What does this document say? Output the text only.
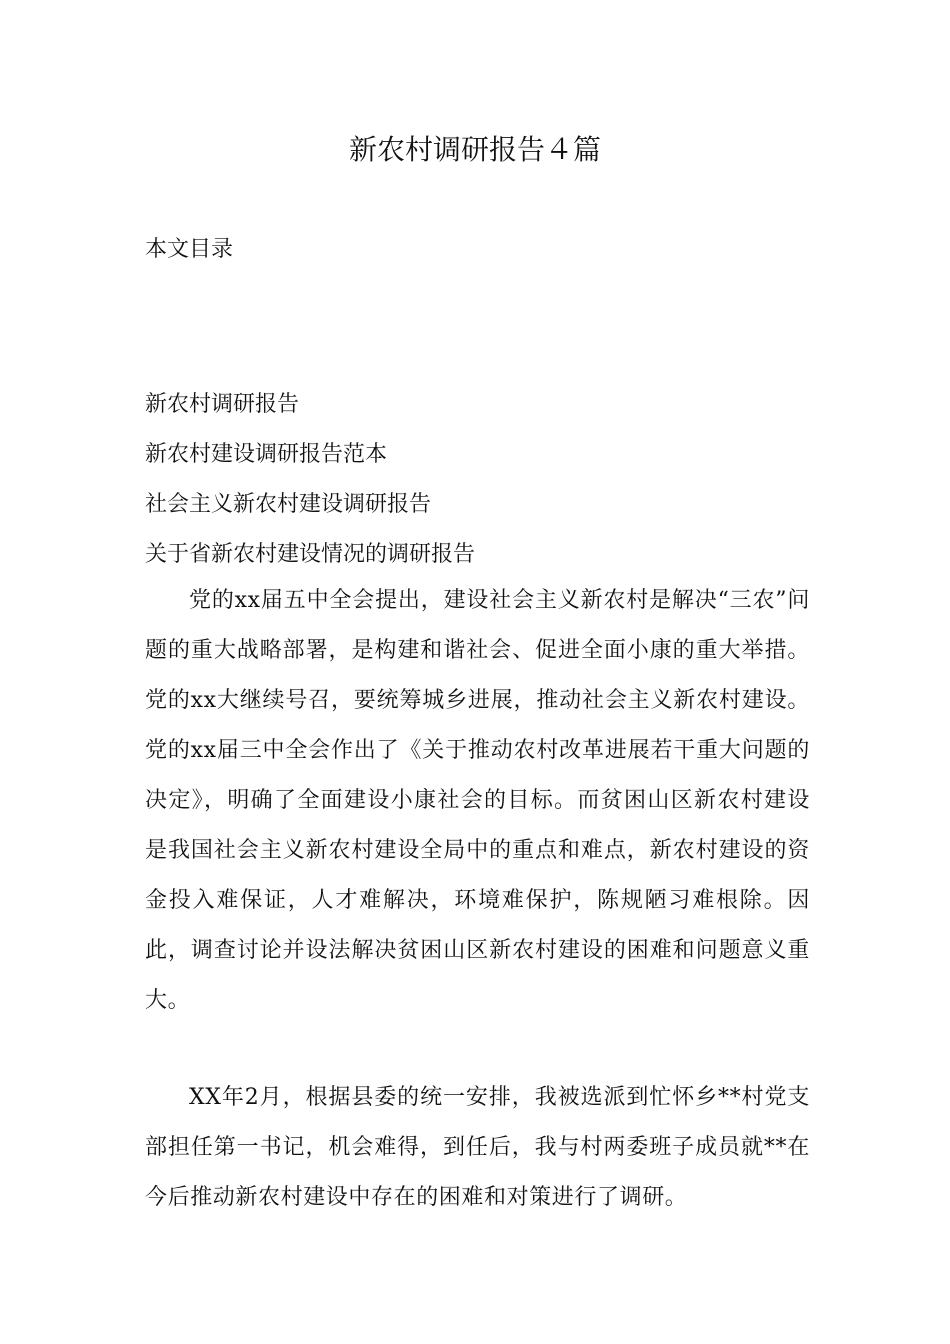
新农村调研报告４篇

本文目录

新农村调研报告
新农村建设调研报告范本
社会主义新农村建设调研报告
关于省新农村建设情况的调研报告

党的xx届五中全会提出，建设社会主义新农村是解决“三农”问题的重大战略部署，是构建和谐社会、促进全面小康的重大举措。党的xx大继续号召，要统筹城乡进展，推动社会主义新农村建设。党的xx届三中全会作出了《关于推动农村改革进展若干重大问题的决定》，明确了全面建设小康社会的目标。而贫困山区新农村建设是我国社会主义新农村建设全局中的重点和难点，新农村建设的资金投入难保证，人才难解决，环境难保护，陈规陋习难根除。因此，调查讨论并设法解决贫困山区新农村建设的困难和问题意义重大。

XX年2月，根据县委的统一安排，我被选派到忙怀乡**村党支部担任第一书记，机会难得，到任后，我与村两委班子成员就**在今后推动新农村建设中存在的困难和对策进行了调研。
